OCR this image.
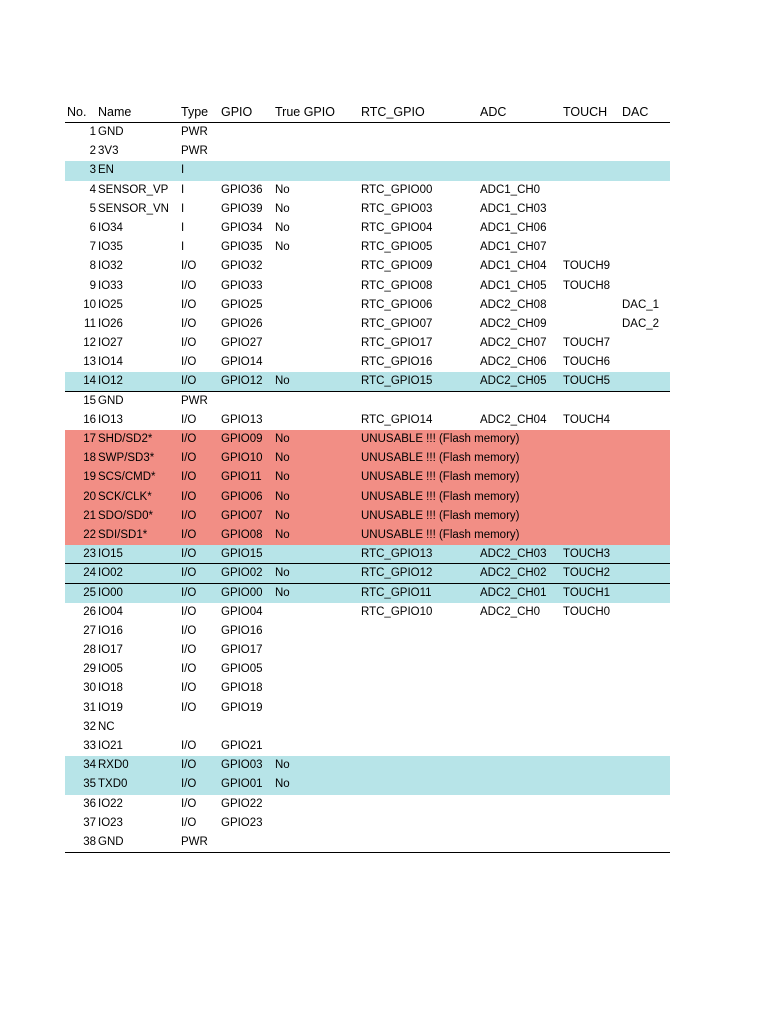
No. Name	Type GPIO True GPIO RTC_GPIO	ADC	TOUCH DAC
1 GND	PWR
2 3V3	PWR
3 EN	I
4 SENSOR_VP I	GPIO36 No	RTC_GPIO00	ADC1_CH0
5 SENSOR_VN I	GPIO39 No	RTC_GPIO03	ADC1_CH03
6 IO34	I	GPIO34 No	RTC_GPIO04	ADC1_CH06
7 IO35	I	GPIO35 No	RTC_GPIO05	ADC1_CH07
8 IO32	I/O GPIO32	RTC_GPIO09	ADC1_CH04 TOUCH9
9 IO33	I/O GPIO33	RTC_GPIO08	ADC1_CH05 TOUCH8
10 IO25	I/O GPIO25	RTC_GPIO06	ADC2_CH08	DAC_1
11 IO26	I/O GPIO26	RTC_GPIO07	ADC2_CH09	DAC_2
12 IO27	I/O GPIO27	RTC_GPIO17	ADC2_CH07 TOUCH7
13 IO14	I/O GPIO14	RTC_GPIO16	ADC2_CH06 TOUCH6
14 IO12	I/O GPIO12 No	RTC_GPIO15	ADC2_CH05 TOUCH5
15 GND	PWR
16 IO13	I/O GPIO13	RTC_GPIO14	ADC2_CH04 TOUCH4
17 SHD/SD2* I/O GPIO09 No	UNUSABLE !!! (Flash memory)
18 SWP/SD3* I/O GPIO10 No	UNUSABLE !!! (Flash memory)
19 SCS/CMD* I/O GPIO11 No	UNUSABLE !!! (Flash memory)
20 SCK/CLK*	I/O GPIO06 No	UNUSABLE !!! (Flash memory)
21 SDO/SD0* I/O GPIO07 No	UNUSABLE !!! (Flash memory)
22 SDI/SD1*	I/O GPIO08 No	UNUSABLE !!! (Flash memory)
23 IO15	I/O GPIO15	RTC_GPIO13	ADC2_CH03 TOUCH3
24 IO02	I/O GPIO02 No	RTC_GPIO12	ADC2_CH02 TOUCH2
25 IO00	I/O GPIO00 No	RTC_GPIO11	ADC2_CH01 TOUCH1
26 IO04	I/O GPIO04	RTC_GPIO10	ADC2_CH0 TOUCH0
27 IO16	I/O GPIO16
28 IO17	I/O GPIO17
29 IO05	I/O GPIO05
30 IO18	I/O GPIO18
31 IO19	I/O GPIO19
32 NC
33 IO21	I/O GPIO21
34 RXD0	I/O GPIO03 No
35 TXD0	I/O GPIO01 No
36 IO22	I/O GPIO22
37 IO23	I/O GPIO23
38 GND	PWR
